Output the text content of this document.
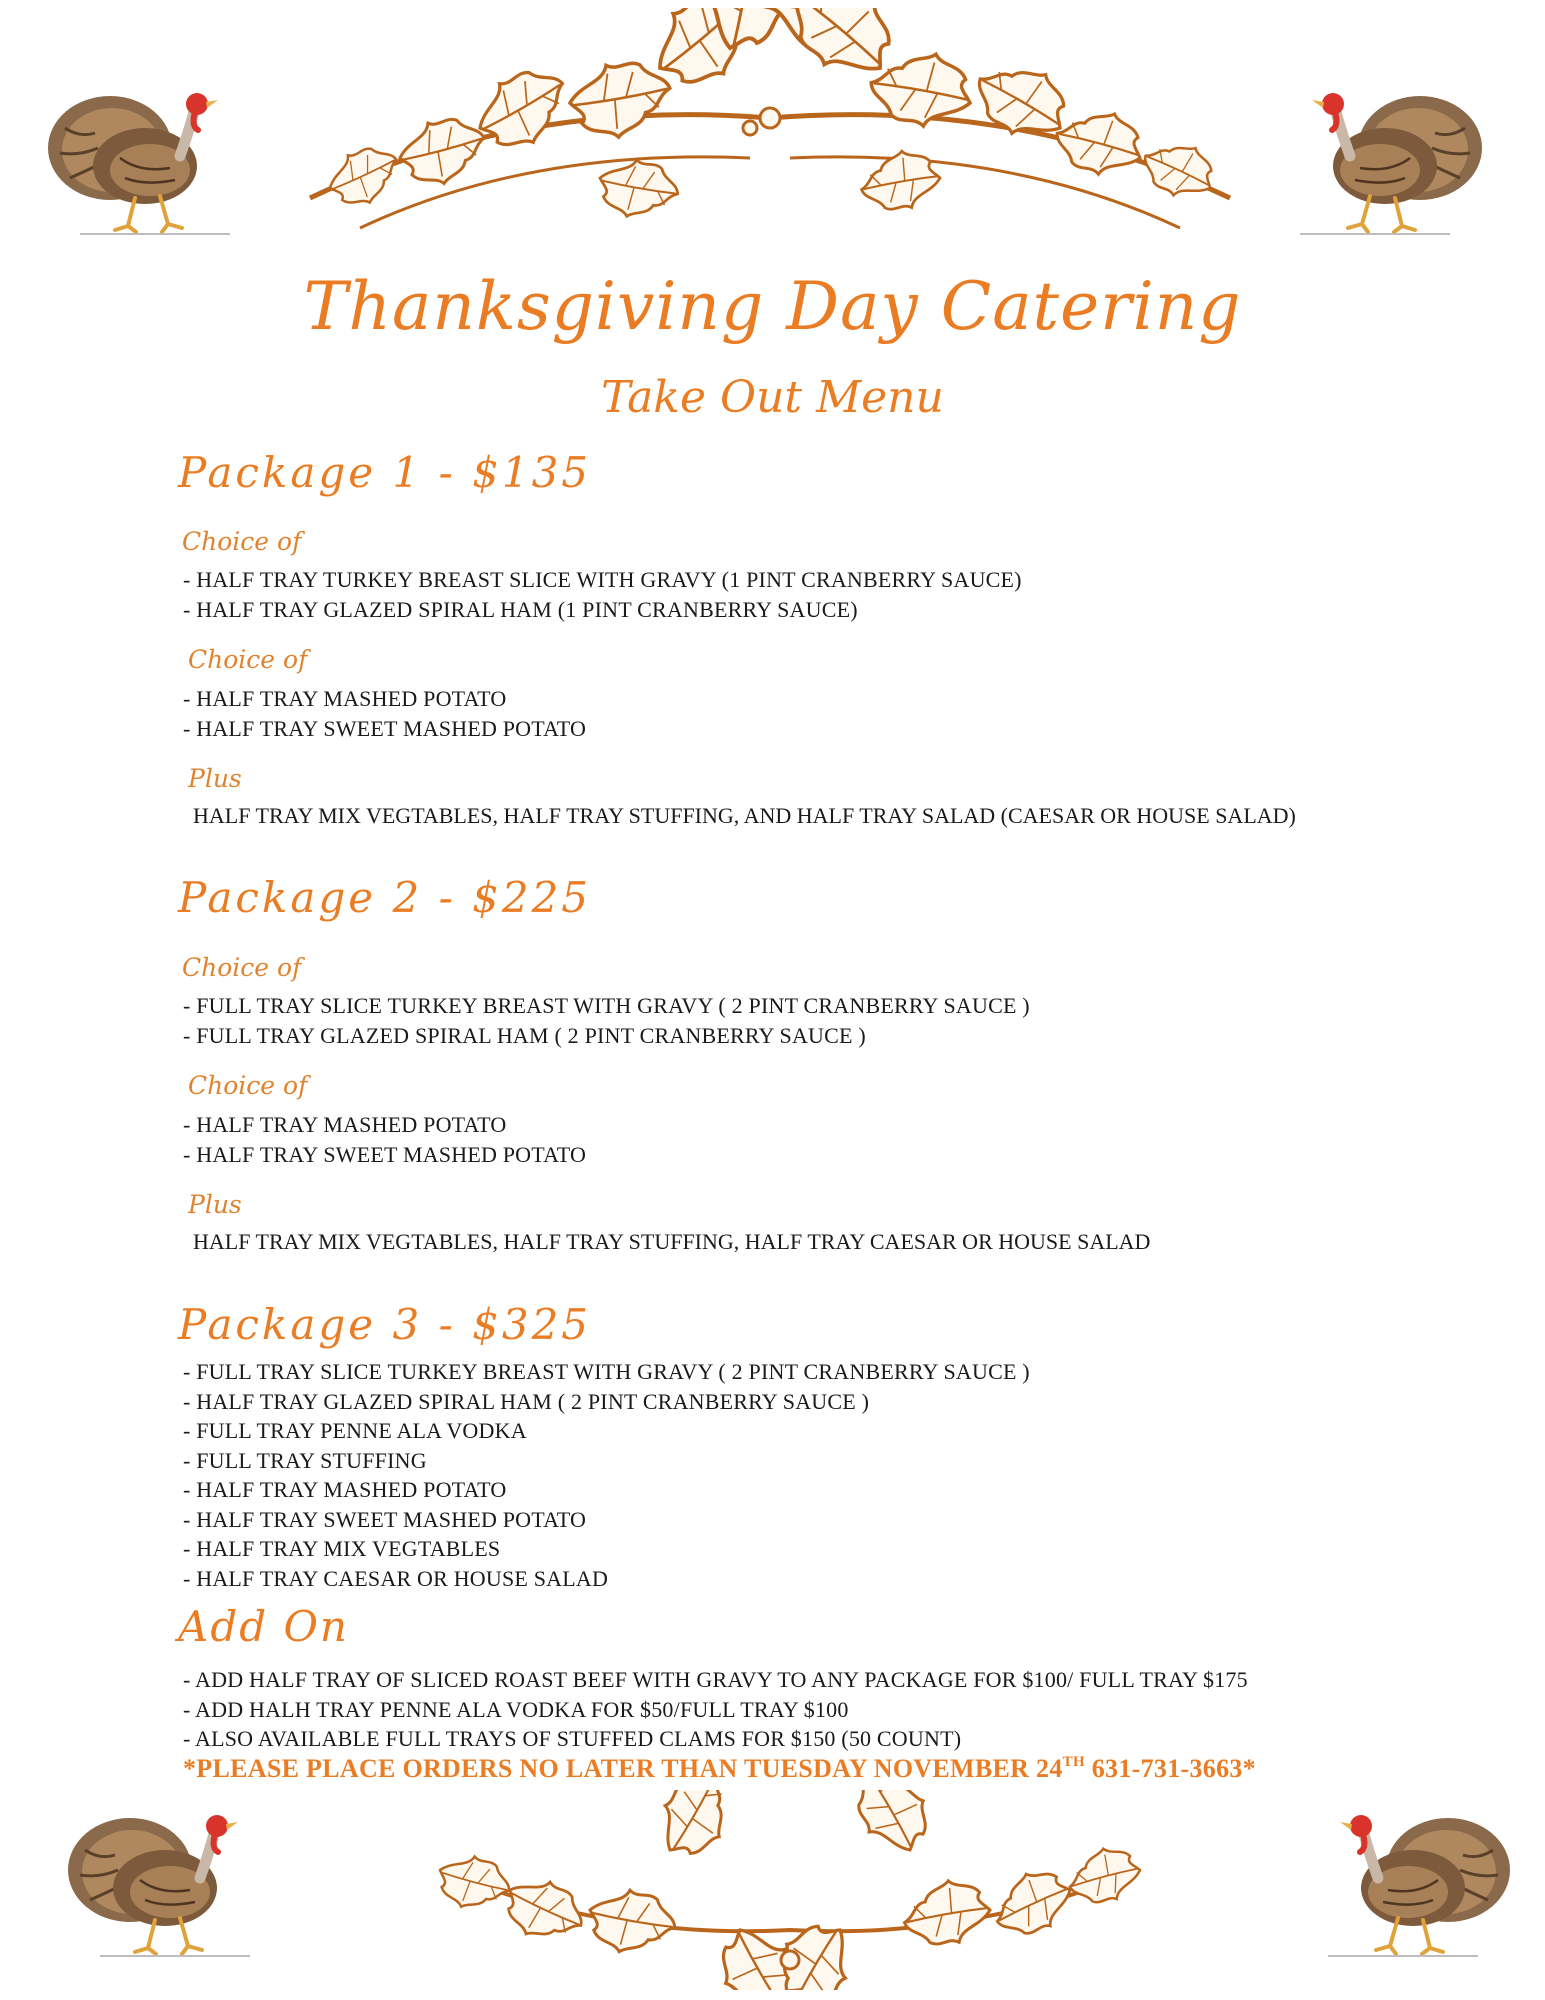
Thanksgiving Day Catering
Take Out Menu
Package 1 - $135
Choice of
- HALF TRAY TURKEY BREAST SLICE WITH GRAVY (1 PINT CRANBERRY SAUCE)
- HALF TRAY GLAZED SPIRAL HAM (1 PINT CRANBERRY SAUCE)
Choice of
- HALF TRAY MASHED POTATO
- HALF TRAY SWEET MASHED POTATO
Plus
HALF TRAY MIX VEGTABLES, HALF TRAY STUFFING, AND HALF TRAY SALAD (CAESAR OR HOUSE SALAD)
Package 2 - $225
Choice of
- FULL TRAY SLICE TURKEY BREAST WITH GRAVY ( 2 PINT CRANBERRY SAUCE )
- FULL TRAY GLAZED SPIRAL HAM ( 2 PINT CRANBERRY SAUCE )
Choice of
- HALF TRAY MASHED POTATO
- HALF TRAY SWEET MASHED POTATO
Plus
HALF TRAY MIX VEGTABLES, HALF TRAY STUFFING, HALF TRAY CAESAR OR HOUSE SALAD
Package 3 - $325
- FULL TRAY SLICE TURKEY BREAST WITH GRAVY ( 2 PINT CRANBERRY SAUCE )
- HALF TRAY GLAZED SPIRAL HAM ( 2 PINT CRANBERRY SAUCE )
- FULL TRAY PENNE ALA VODKA
- FULL TRAY STUFFING
- HALF TRAY MASHED POTATO
- HALF TRAY SWEET MASHED POTATO
- HALF TRAY MIX VEGTABLES
- HALF TRAY CAESAR OR HOUSE SALAD
Add On
- ADD HALF TRAY OF SLICED ROAST BEEF WITH GRAVY TO ANY PACKAGE FOR $100/ FULL TRAY $175
- ADD HALH TRAY PENNE ALA VODKA FOR $50/FULL TRAY $100
- ALSO AVAILABLE FULL TRAYS OF STUFFED CLAMS FOR $150 (50 COUNT)
*PLEASE PLACE ORDERS NO LATER THAN TUESDAY NOVEMBER 24TH 631-731-3663*
